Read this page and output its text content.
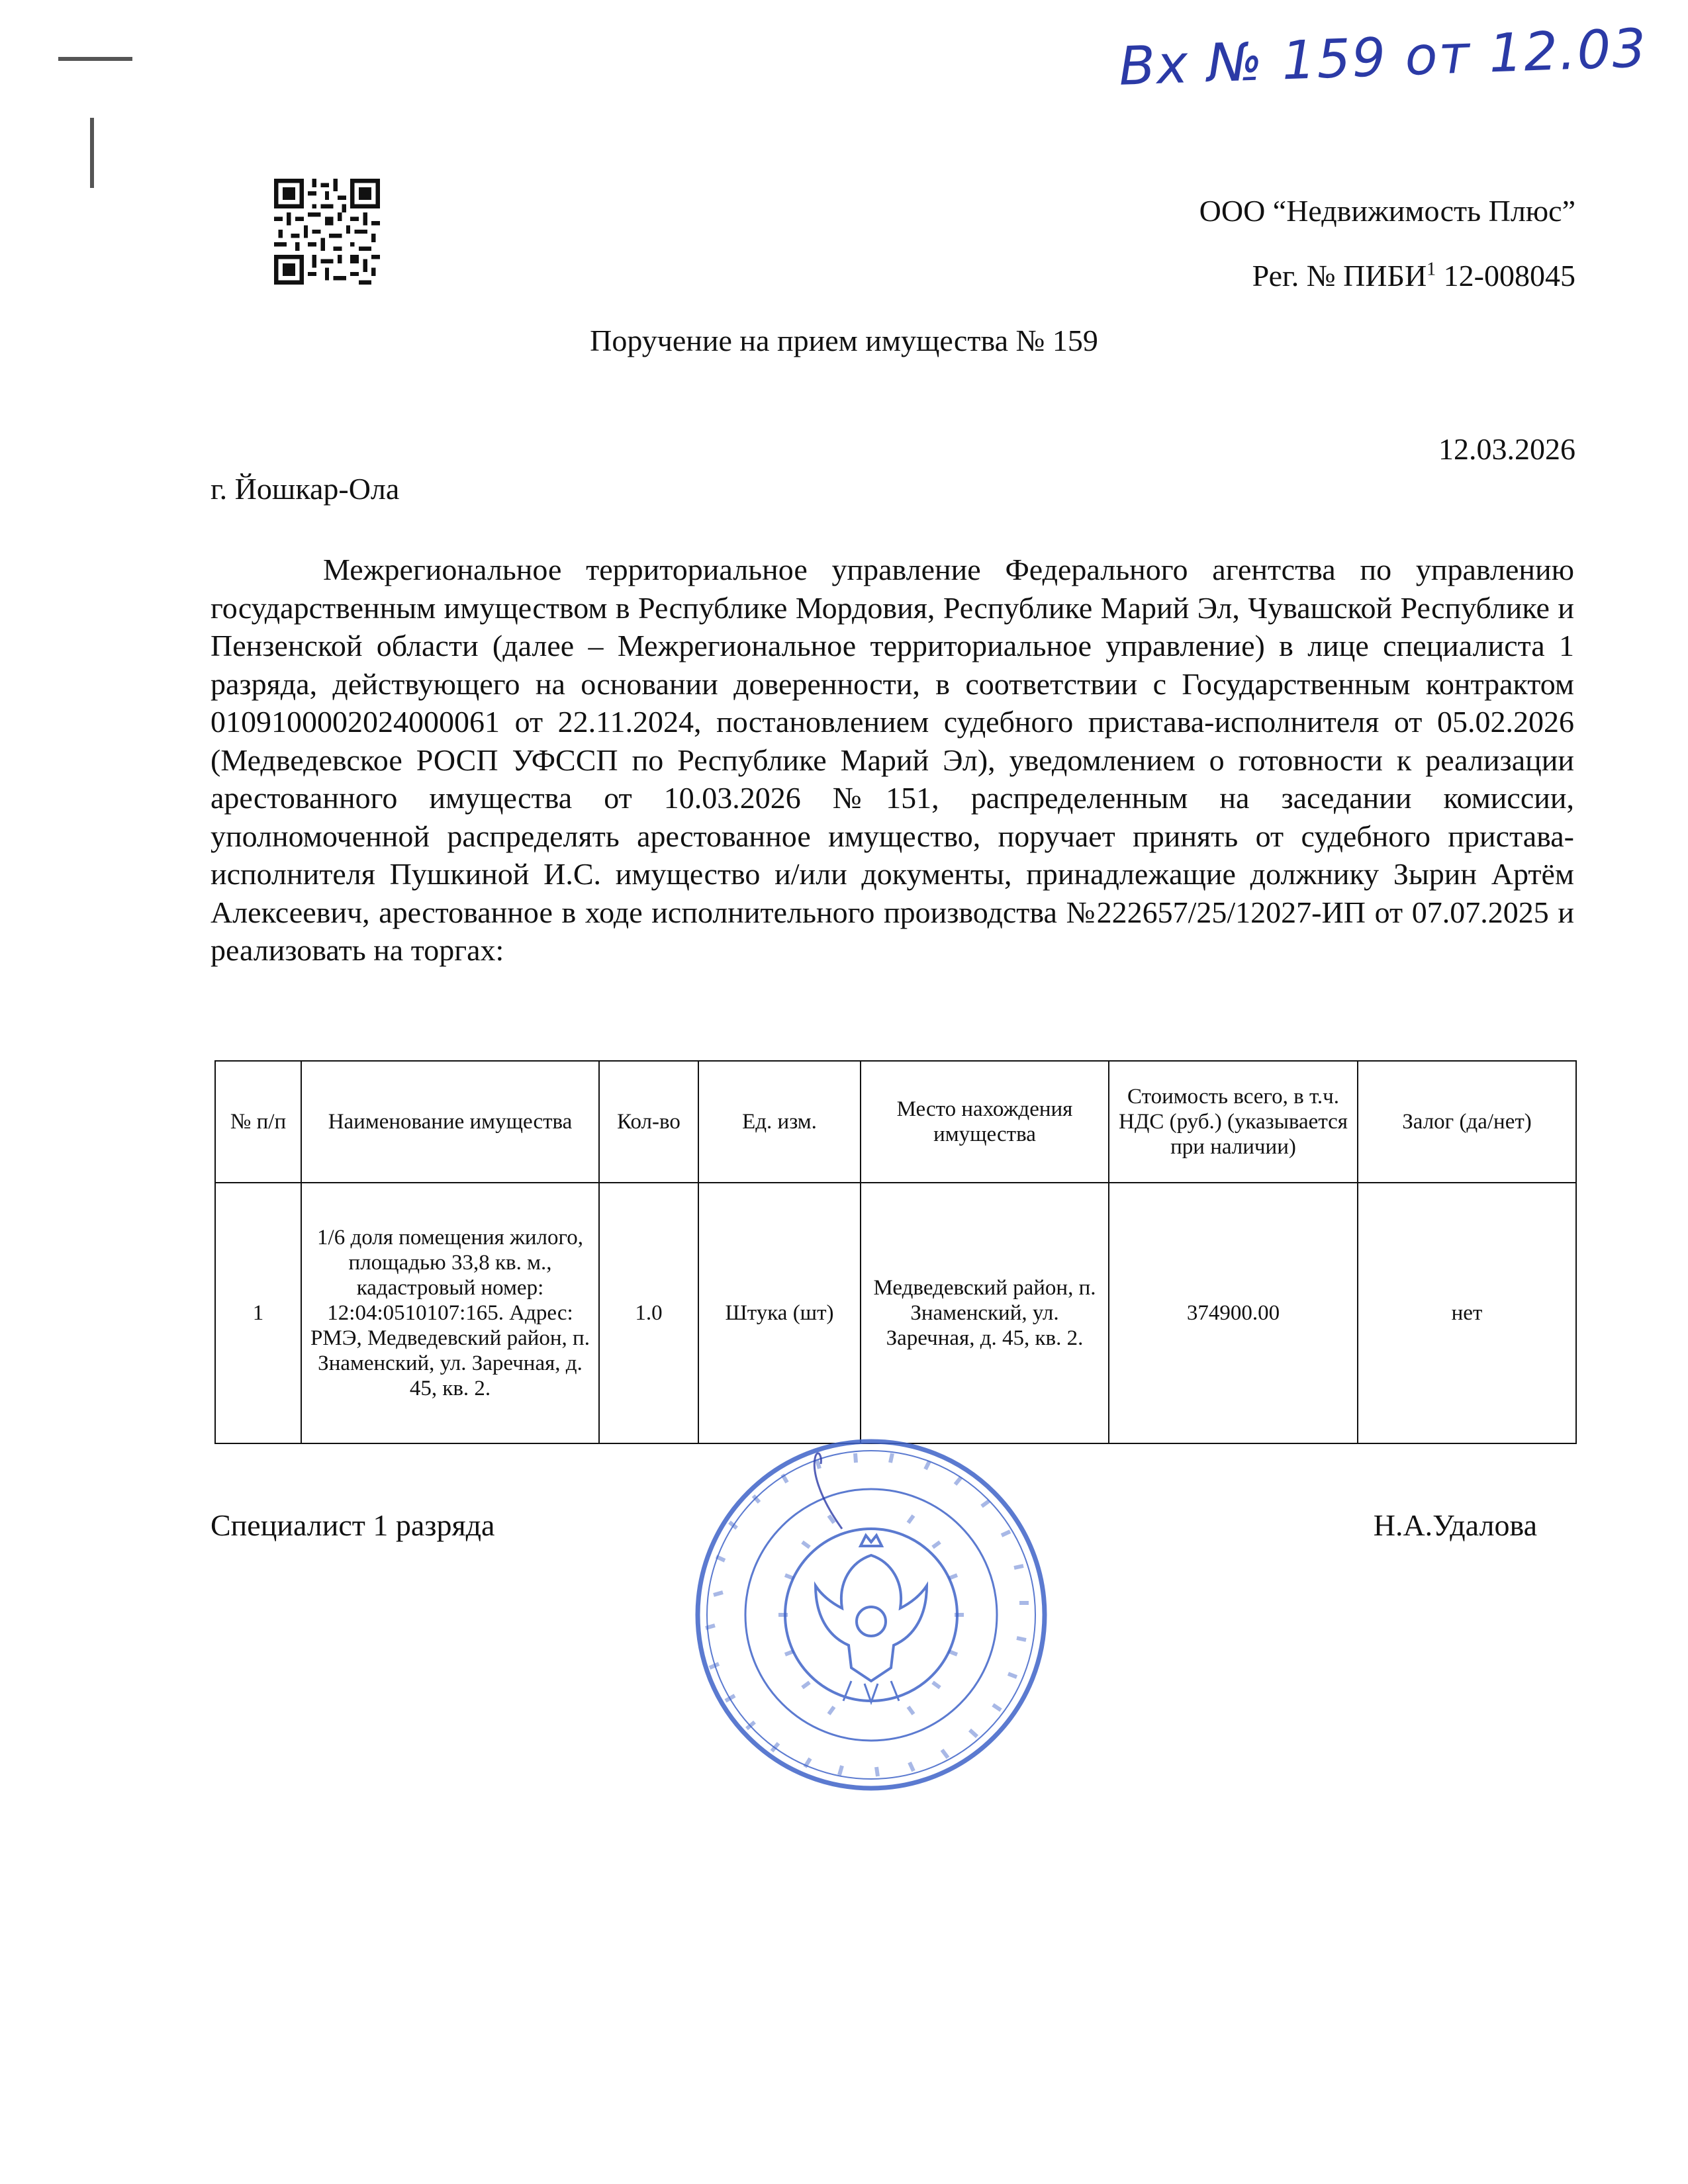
Вх № 159 от 12.03
ООО “Недвижимость Плюс”
Рег. № ПИБИ$^1$ 12-008045
Поручение на прием имущества № 159
12.03.2026
г. Йошкар-Ола

Межрегиональное территориальное управление Федерального агентства по управлению государственным имуществом в Республике Мордовия, Республике Марий Эл, Чувашской Республике и Пензенской области (далее – Межрегиональное территориальное управление) в лице специалиста 1 разряда, действующего на основании доверенности, в соответствии с Государственным контрактом 0109100002024000061 от 22.11.2024, постановлением судебного пристава-исполнителя от 05.02.2026 (Медведевское РОСП УФССП по Республике Марий Эл), уведомлением о готовности к реализации арестованного имущества от 10.03.2026 №151, распределенным на заседании комиссии, уполномоченной распределять арестованное имущество, поручает принять от судебного пристава-исполнителя Пушкиной И.С. имущество и/или документы, принадлежащие должнику Зырин Артём Алексеевич, арестованное в ходе исполнительного производства №222657/25/12027-ИП от 07.07.2025 и реализовать на торгах:

№ п/п	Наименование имущества	Кол-во	Ед. изм.	Место нахождения имущества	Стоимость всего, в т.ч. НДС (руб.) (указывается при наличии)	Залог (да/нет)
1	1/6 доля помещения жилого, площадью 33,8 кв. м., кадастровый номер: 12:04:0510107:165. Адрес: РМЭ, Медведевский район, п. Знаменский, ул. Заречная, д. 45, кв. 2.	1.0	Штука (шт)	Медведевский район, п. Знаменский, ул. Заречная, д. 45, кв. 2.	374900.00	нет
Специалист 1 разряда	Н.А.Удалова
